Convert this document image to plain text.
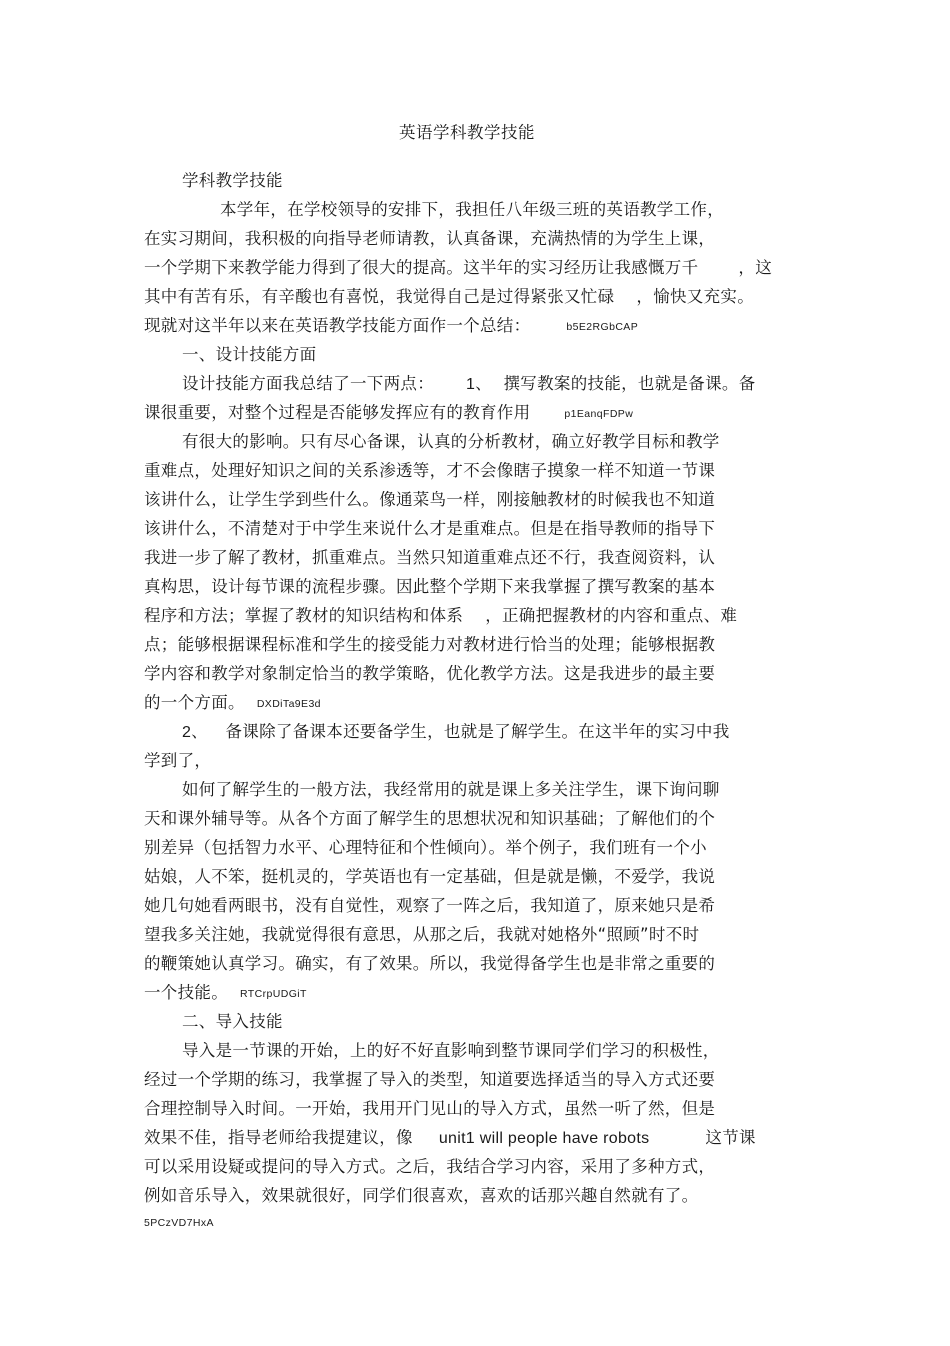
英语学科教学技能
学科教学技能
本学年，在学校领导的安排下，我担任八年级三班的英语教学工作，
在实习期间，我积极的向指导老师请教，认真备课，充满热情的为学生上课，
一个学期下来教学能力得到了很大的提高。这半年的实习经历让我感慨万千 ，这
其中有苦有乐，有辛酸也有喜悦，我觉得自己是过得紧张又忙碌 ，愉快又充实。
现就对这半年以来在英语教学技能方面作一个总结：	b5E2RGbCAP
一、设计技能方面
设计技能方面我总结了一下两点： 1、 撰写教案的技能，也就是备课。备
课很重要，对整个过程是否能够发挥应有的教育作用	p1EanqFDPw
有很大的影响。只有尽心备课，认真的分析教材，确立好教学目标和教学
重难点，处理好知识之间的关系渗透等，才不会像瞎子摸象一样不知道一节课
该讲什么，让学生学到些什么。像通菜鸟一样，刚接触教材的时候我也不知道
该讲什么，不清楚对于中学生来说什么才是重难点。但是在指导教师的指导下
我进一步了解了教材，抓重难点。当然只知道重难点还不行，我查阅资料，认
真构思，设计每节课的流程步骤。因此整个学期下来我掌握了撰写教案的基本
程序和方法；掌握了教材的知识结构和体系 ，正确把握教材的内容和重点、难
点；能够根据课程标准和学生的接受能力对教材进行恰当的处理；能够根据教
学内容和教学对象制定恰当的教学策略，优化教学方法。这是我进步的最主要
的一个方面。 DXDiTa9E3d
2、 备课除了备课本还要备学生，也就是了解学生。在这半年的实习中我
学到了，
如何了解学生的一般方法，我经常用的就是课上多关注学生，课下询问聊
天和课外辅导等。从各个方面了解学生的思想状况和知识基础；了解他们的个
别差异（包括智力水平、心理特征和个性倾向）。举个例子，我们班有一个小
姑娘，人不笨，挺机灵的，学英语也有一定基础，但是就是懒，不爱学，我说
她几句她看两眼书，没有自觉性，观察了一阵之后，我知道了，原来她只是希
望我多关注她，我就觉得很有意思，从那之后，我就对她格外“照顾”时不时
的鞭策她认真学习。确实，有了效果。所以，我觉得备学生也是非常之重要的
一个技能。 RTCrpUDGiT
二、导入技能
导入是一节课的开始，上的好不好直影响到整节课同学们学习的积极性，
经过一个学期的练习，我掌握了导入的类型，知道要选择适当的导入方式还要
合理控制导入时间。一开始，我用开门见山的导入方式，虽然一听了然，但是
效果不佳，指导老师给我提建议，像 unit1 will people have robots	这节课
可以采用设疑或提问的导入方式。之后，我结合学习内容，采用了多种方式，
例如音乐导入，效果就很好，同学们很喜欢，喜欢的话那兴趣自然就有了。
5PCzVD7HxA
